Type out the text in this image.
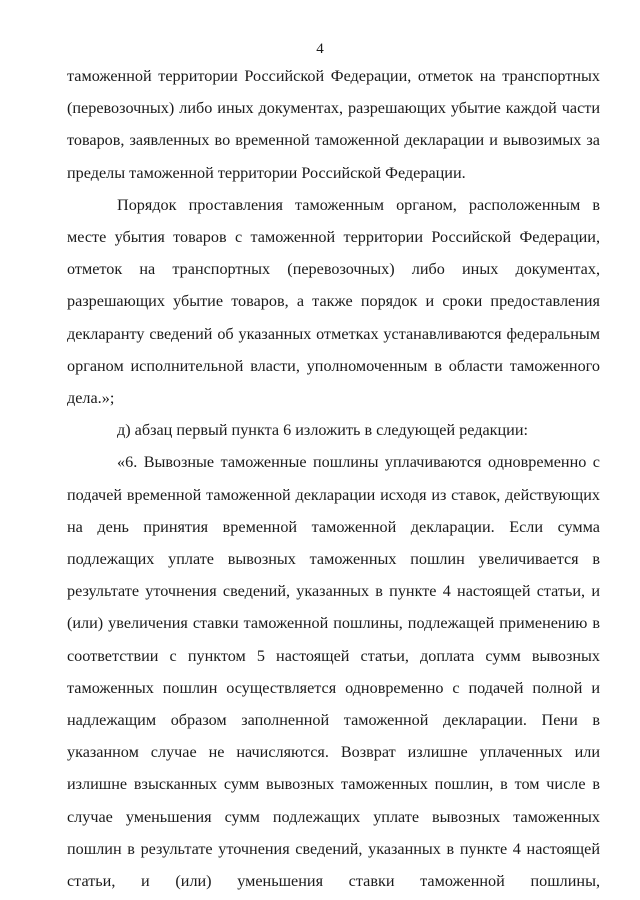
4

таможенной территории Российской Федерации, отметок на транспортных (перевозочных) либо иных документах, разрешающих убытие каждой части товаров, заявленных во временной таможенной декларации и вывозимых за пределы таможенной территории Российской Федерации.

Порядок проставления таможенным органом, расположенным в месте убытия товаров с таможенной территории Российской Федерации, отметок на транспортных (перевозочных) либо иных документах, разрешающих убытие товаров, а также порядок и сроки предоставления декларанту сведений об указанных отметках устанавливаются федеральным органом исполнительной власти, уполномоченным в области таможенного дела.»;

д) абзац первый пункта 6 изложить в следующей редакции:

«6. Вывозные таможенные пошлины уплачиваются одновременно с подачей временной таможенной декларации исходя из ставок, действующих на день принятия временной таможенной декларации. Если сумма подлежащих уплате вывозных таможенных пошлин увеличивается в результате уточнения сведений, указанных в пункте 4 настоящей статьи, и (или) увеличения ставки таможенной пошлины, подлежащей применению в соответствии с пунктом 5 настоящей статьи, доплата сумм вывозных таможенных пошлин осуществляется одновременно с подачей полной и надлежащим образом заполненной таможенной декларации. Пени в указанном случае не начисляются. Возврат излишне уплаченных или излишне взысканных сумм вывозных таможенных пошлин, в том числе в случае уменьшения сумм подлежащих уплате вывозных таможенных пошлин в результате уточнения сведений, указанных в пункте 4 настоящей статьи, и (или) уменьшения ставки таможенной пошлины,
